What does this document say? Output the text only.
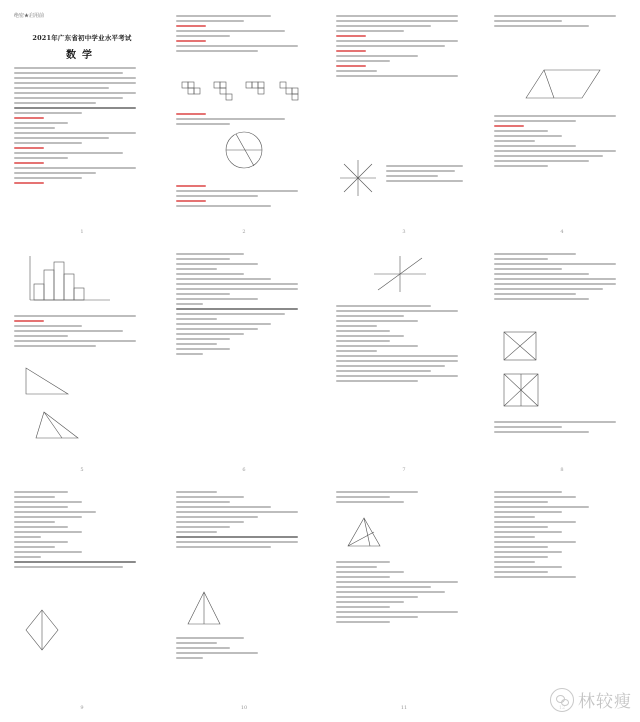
绝密★启用前
2021年广东省初中学业水平考试
数学
1	2	3	4
5	6	7	8
9	10	11	林较瘦
